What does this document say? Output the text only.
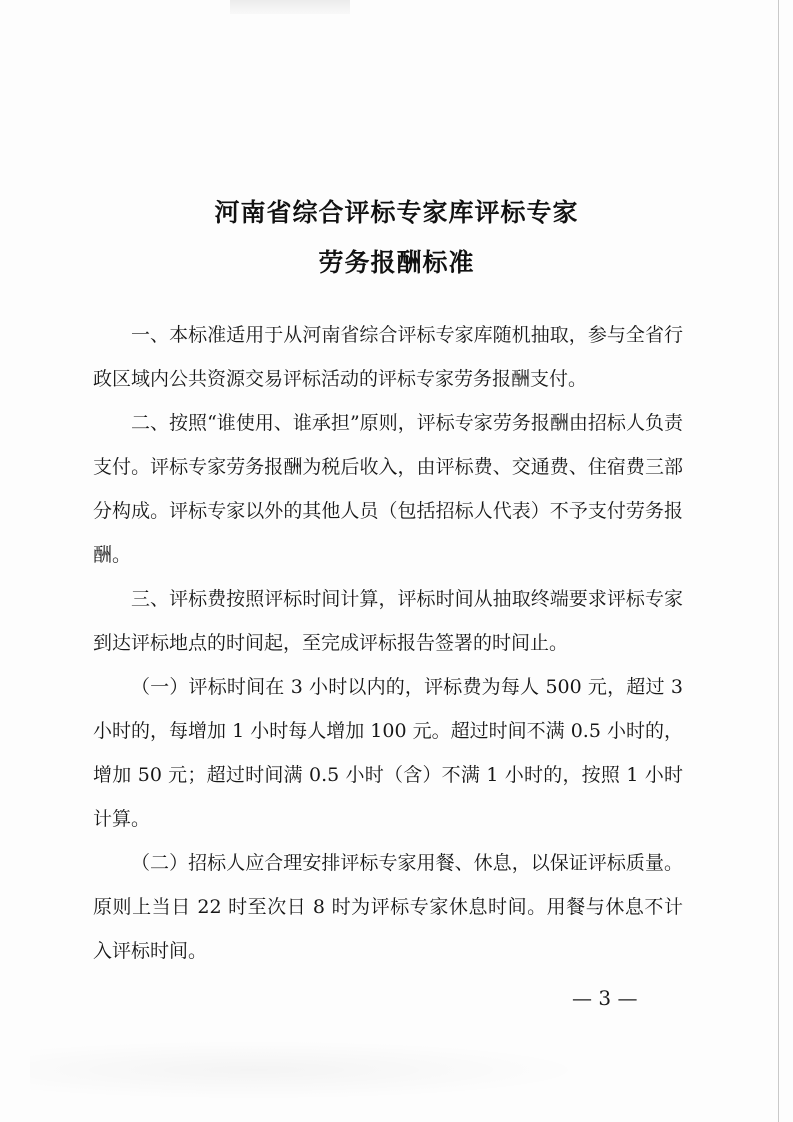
河南省综合评标专家库评标专家
劳务报酬标准

一、本标准适用于从河南省综合评标专家库随机抽取，参与全省行政区域内公共资源交易评标活动的评标专家劳务报酬支付。

二、按照“谁使用、谁承担”原则，评标专家劳务报酬由招标人负责支付。评标专家劳务报酬为税后收入，由评标费、交通费、住宿费三部分构成。评标专家以外的其他人员（包括招标人代表）不予支付劳务报酬。

三、评标费按照评标时间计算，评标时间从抽取终端要求评标专家到达评标地点的时间起，至完成评标报告签署的时间止。

（一）评标时间在 3 小时以内的，评标费为每人 500 元，超过 3 小时的，每增加 1 小时每人增加 100 元。超过时间不满 0.5 小时的，增加 50 元；超过时间满 0.5 小时（含）不满 1 小时的，按照 1 小时计算。

（二）招标人应合理安排评标专家用餐、休息，以保证评标质量。原则上当日 22 时至次日 8 时为评标专家休息时间。用餐与休息不计入评标时间。

— 3 —
